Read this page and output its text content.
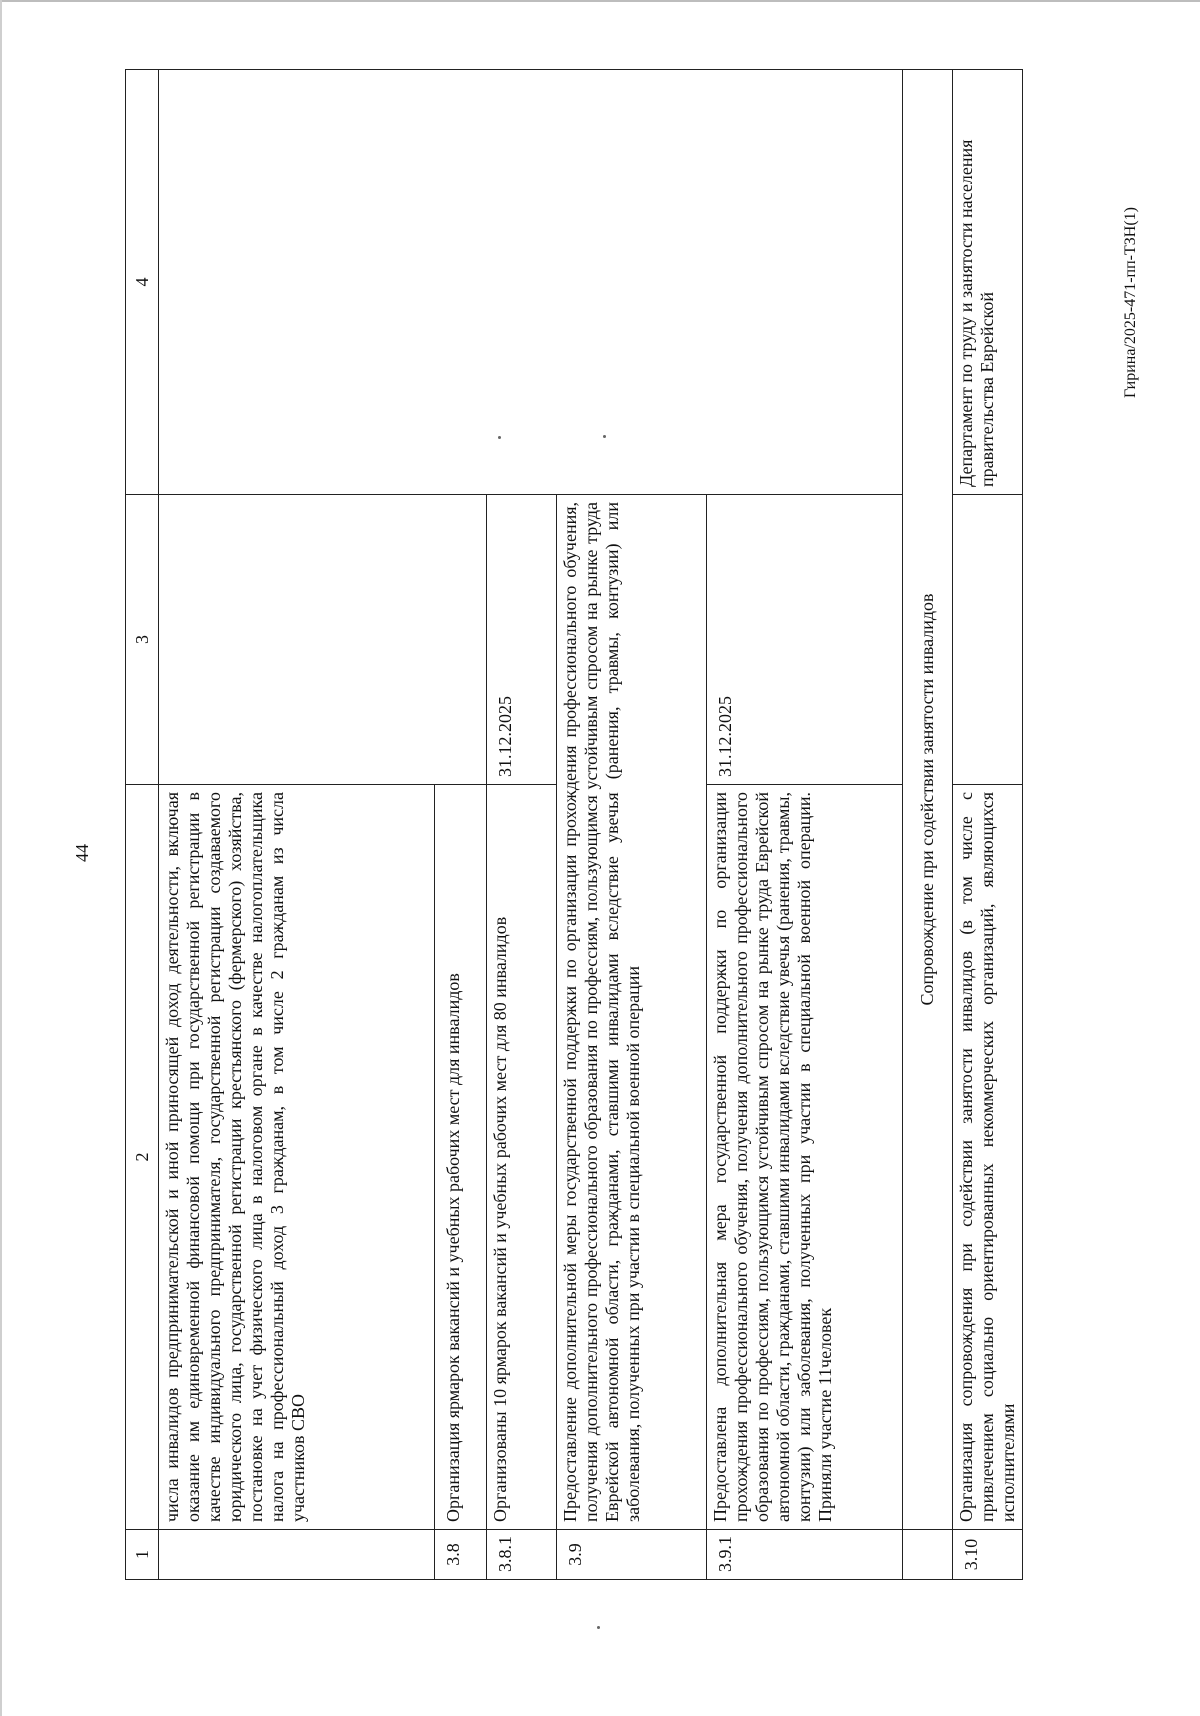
44
1	2	3	4
	числа инвалидов предпринимательской и иной приносящей доход деятельности, включая оказание им единовременной финансовой помощи при государственной регистрации в качестве индивидуального предпринимателя, государственной регистрации создаваемого юридического лица, государственной регистрации крестьянского (фермерского) хозяйства, постановке на учет физического лица в налоговом органе в качестве налогоплательщика налога на профессиональный доход 3 гражданам, в том числе 2 гражданам из числа участников СВО		
3.8	Организация ярмарок вакансий и учебных рабочих мест для инвалидов		
3.8.1	Организованы 10 ярмарок вакансий и учебных рабочих мест для 80 инвалидов	31.12.2025	
3.9	Предоставление дополнительной меры государственной поддержки по организации прохождения профессионального обучения, получения дополнительного профессионального образования по профессиям, пользующимся устойчивым спросом на рынке труда Еврейской автономной области, гражданами, ставшими инвалидами вследствие увечья (ранения, травмы, контузии) или заболевания, полученных при участии в специальной военной операции		
3.9.1	Предоставлена дополнительная мера государственной поддержки по организации прохождения профессионального обучения, получения дополнительного профессионального образования по профессиям, пользующимся устойчивым спросом на рынке труда Еврейской автономной области, гражданами, ставшими инвалидами вследствие увечья (ранения, травмы, контузии) или заболевания, полученных при участии в специальной военной операции. Приняли участие 11человек	31.12.2025	
	Сопровождение при содействии занятости инвалидов		
3.10	Организация сопровождения при содействии занятости инвалидов (в том числе с привлечением социально ориентированных некоммерческих организаций, являющихся исполнителями		Департамент по труду и занятости населения правительства Еврейской	Гирина/2025-471-пп-ТЗН(1)
